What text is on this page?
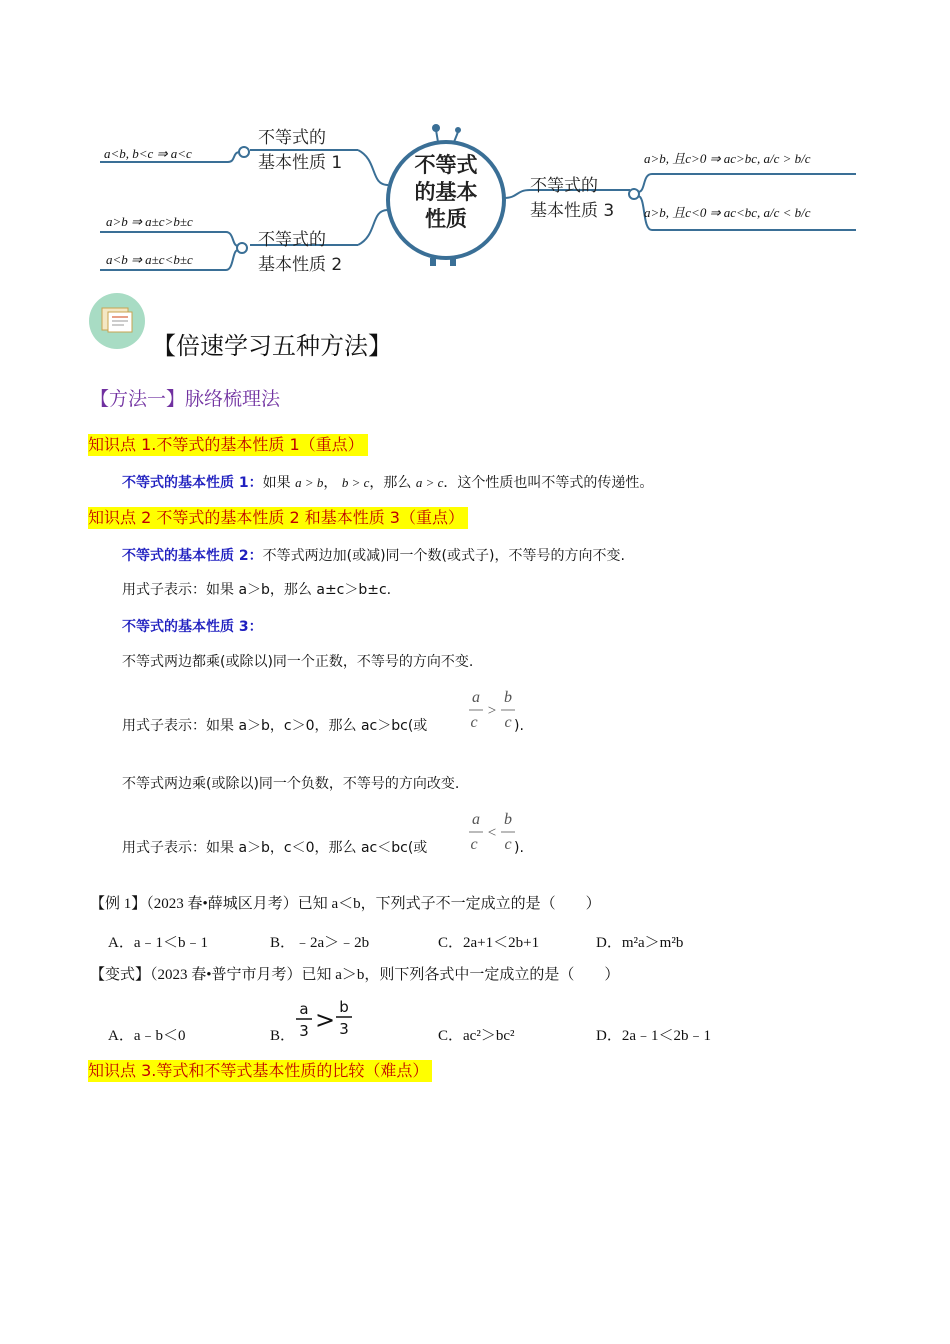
不等式
的基本
性质
不等式的
基本性质 1
a<b, b<c ⇒ a<c
不等式的
基本性质 2
a>b ⇒ a±c>b±c
a<b ⇒ a±c<b±c
不等式的
基本性质 3
a>b, 且c>0 ⇒ ac>bc, a/c > b/c
a>b, 且c<0 ⇒ ac<bc, a/c < b/c
【倍速学习五种方法】
【方法一】脉络梳理法
知识点 1.不等式的基本性质 1（重点）
不等式的基本性质 1：如果 a > b， b > c，那么 a > c．这个性质也叫不等式的传递性。
知识点 2 不等式的基本性质 2 和基本性质 3（重点）
不等式的基本性质 2：不等式两边加(或减)同一个数(或式子)，不等号的方向不变.
用式子表示：如果 a＞b，那么 a±c＞b±c.
不等式的基本性质 3：
不等式两边都乘(或除以)同一个正数，不等号的方向不变.
用式子表示：如果 a＞b，c＞0，那么 ac＞bc(或
a
c
>
b
c ).
不等式两边乘(或除以)同一个负数，不等号的方向改变.
用式子表示：如果 a＞b，c＜0，那么 ac＜bc(或
a
c
<
b
c ).
【例 1】（2023 春•薛城区月考）已知 a＜b，下列式子不一定成立的是（　　）
A．a﹣1＜b﹣1	B．﹣2a＞﹣2b	C．2a+1＜2b+1	D．m²a＞m²b
【变式】（2023 春•普宁市月考）已知 a＞b，则下列各式中一定成立的是（　　）
A．a﹣b＜0	B．
a
3 > b
3	C．ac²＞bc²	D．2a﹣1＜2b﹣1
知识点 3.等式和不等式基本性质的比较（难点）
